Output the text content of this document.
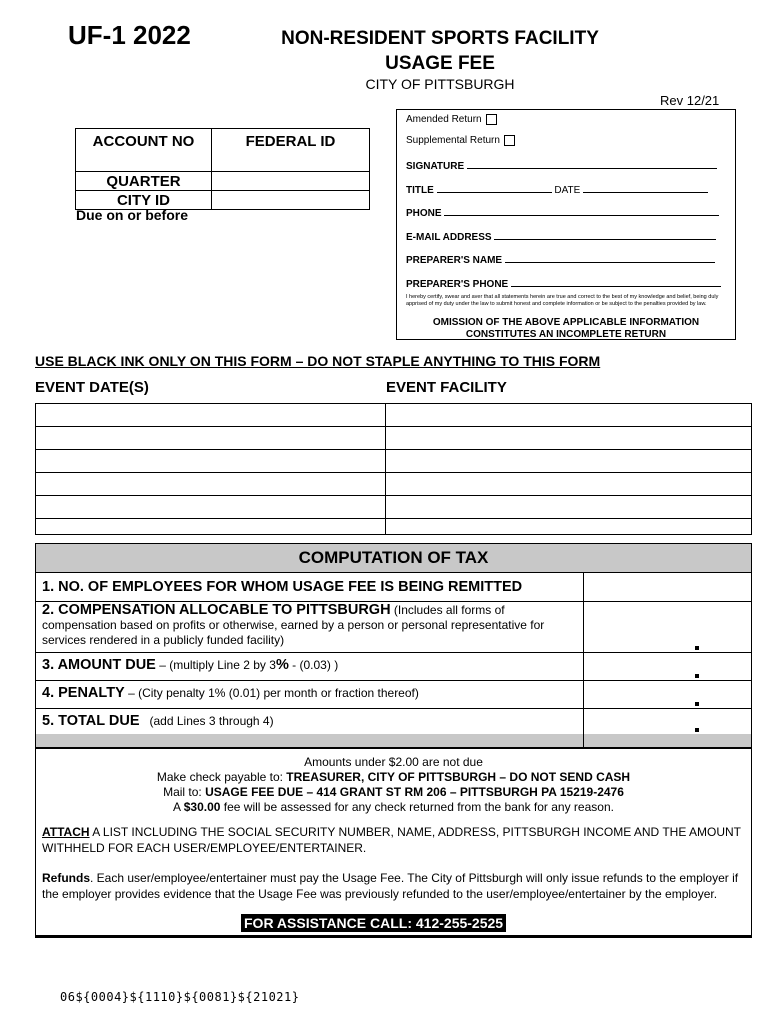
UF-1 2022	NON-RESIDENT SPORTS FACILITY
USAGE FEE
CITY OF PITTSBURGH
Rev 12/21
ACCOUNT NO	FEDERAL ID
QUARTER	
CITY ID	
Due on or before
Amended Return
Supplemental Return
SIGNATURE
TITLE	DATE
PHONE
E-MAIL ADDRESS
PREPARER'S NAME
PREPARER'S PHONE
I hereby certify, swear and aver that all statements herein are true and correct to the best of my knowledge and belief, being duly apprised of my duty under the law to submit honest and complete information or be subject to the penalties provided by law.
OMISSION OF THE ABOVE APPLICABLE INFORMATION
CONSTITUTES AN INCOMPLETE RETURN
USE BLACK INK ONLY ON THIS FORM – DO NOT STAPLE ANYTHING TO THIS FORM
EVENT DATE(S)	EVENT FACILITY

COMPUTATION OF TAX
1. NO. OF EMPLOYEES FOR WHOM USAGE FEE IS BEING REMITTED
2. COMPENSATION ALLOCABLE TO PITTSBURGH (Includes all forms of compensation based on profits or otherwise, earned by a person or personal representative for services rendered in a publicly funded facility)
3. AMOUNT DUE – (multiply Line 2 by 3% - (0.03) )
4. PENALTY – (City penalty 1% (0.01) per month or fraction thereof)
5. TOTAL DUE (add Lines 3 through 4)
Amounts under $2.00 are not due
Make check payable to: TREASURER, CITY OF PITTSBURGH – DO NOT SEND CASH
Mail to: USAGE FEE DUE – 414 GRANT ST RM 206 – PITTSBURGH PA 15219-2476
A $30.00 fee will be assessed for any check returned from the bank for any reason.
ATTACH A LIST INCLUDING THE SOCIAL SECURITY NUMBER, NAME, ADDRESS, PITTSBURGH INCOME AND THE AMOUNT WITHHELD FOR EACH USER/EMPLOYEE/ENTERTAINER.
Refunds. Each user/employee/entertainer must pay the Usage Fee. The City of Pittsburgh will only issue refunds to the employer if the employer provides evidence that the Usage Fee was previously refunded to the user/employee/entertainer by the employer.
FOR ASSISTANCE CALL: 412-255-2525
06${0004}${1110}${0081}${21021}
